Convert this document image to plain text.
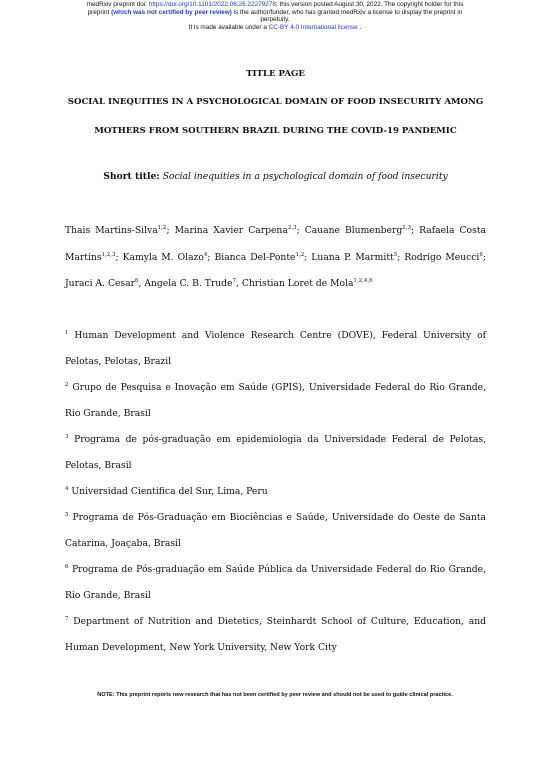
medRxiv preprint doi: https://doi.org/10.1101/2022.08.26.22279278; this version posted August 30, 2022. The copyright holder for this
preprint (which was not certified by peer review) is the author/funder, who has granted medRxiv a license to display the preprint in
perpetuity.
It is made available under a CC-BY 4.0 International license .
TITLE PAGE
SOCIAL INEQUITIES IN A PSYCHOLOGICAL DOMAIN OF FOOD INSECURITY AMONG
MOTHERS FROM SOUTHERN BRAZIL DURING THE COVID-19 PANDEMIC
Short title: Social inequities in a psychological domain of food insecurity
Thais Martins-Silva$^{1,2}$; Marina Xavier Carpena$^{2,3}$; Cauane Blumenberg$^{2,3}$; Rafaela Costa Martins$^{1,2,3}$; Kamyla M. Olazo$^4$; Bianca Del-Ponte$^{1,2}$; Luana P. Marmitt$^5$; Rodrigo Meucci$^6$; Juraci A. Cesar$^6$, Angela C. B. Trude$^7$, Christian Loret de Mola$^{1,2,4,6}$
$^1$ Human Development and Violence Research Centre (DOVE), Federal University of Pelotas, Pelotas, Brazil
$^2$ Grupo de Pesquisa e Inovação em Saúde (GPIS), Universidade Federal do Rio Grande, Rio Grande, Brasil
$^3$ Programa de pós-graduação em epidemiologia da Universidade Federal de Pelotas, Pelotas, Brasil
$^4$ Universidad Cientifica del Sur, Lima, Peru
$^5$ Programa de Pós-Graduação em Biociências e Saúde, Universidade do Oeste de Santa Catarina, Joaçaba, Brasil
$^6$ Programa de Pós-graduação em Saúde Pública da Universidade Federal do Rio Grande, Rio Grande, Brasil
$^7$ Department of Nutrition and Dietetics, Steinhardt School of Culture, Education, and Human Development, New York University, New York City
NOTE: This preprint reports new research that has not been certified by peer review and should not be used to guide clinical practice.
